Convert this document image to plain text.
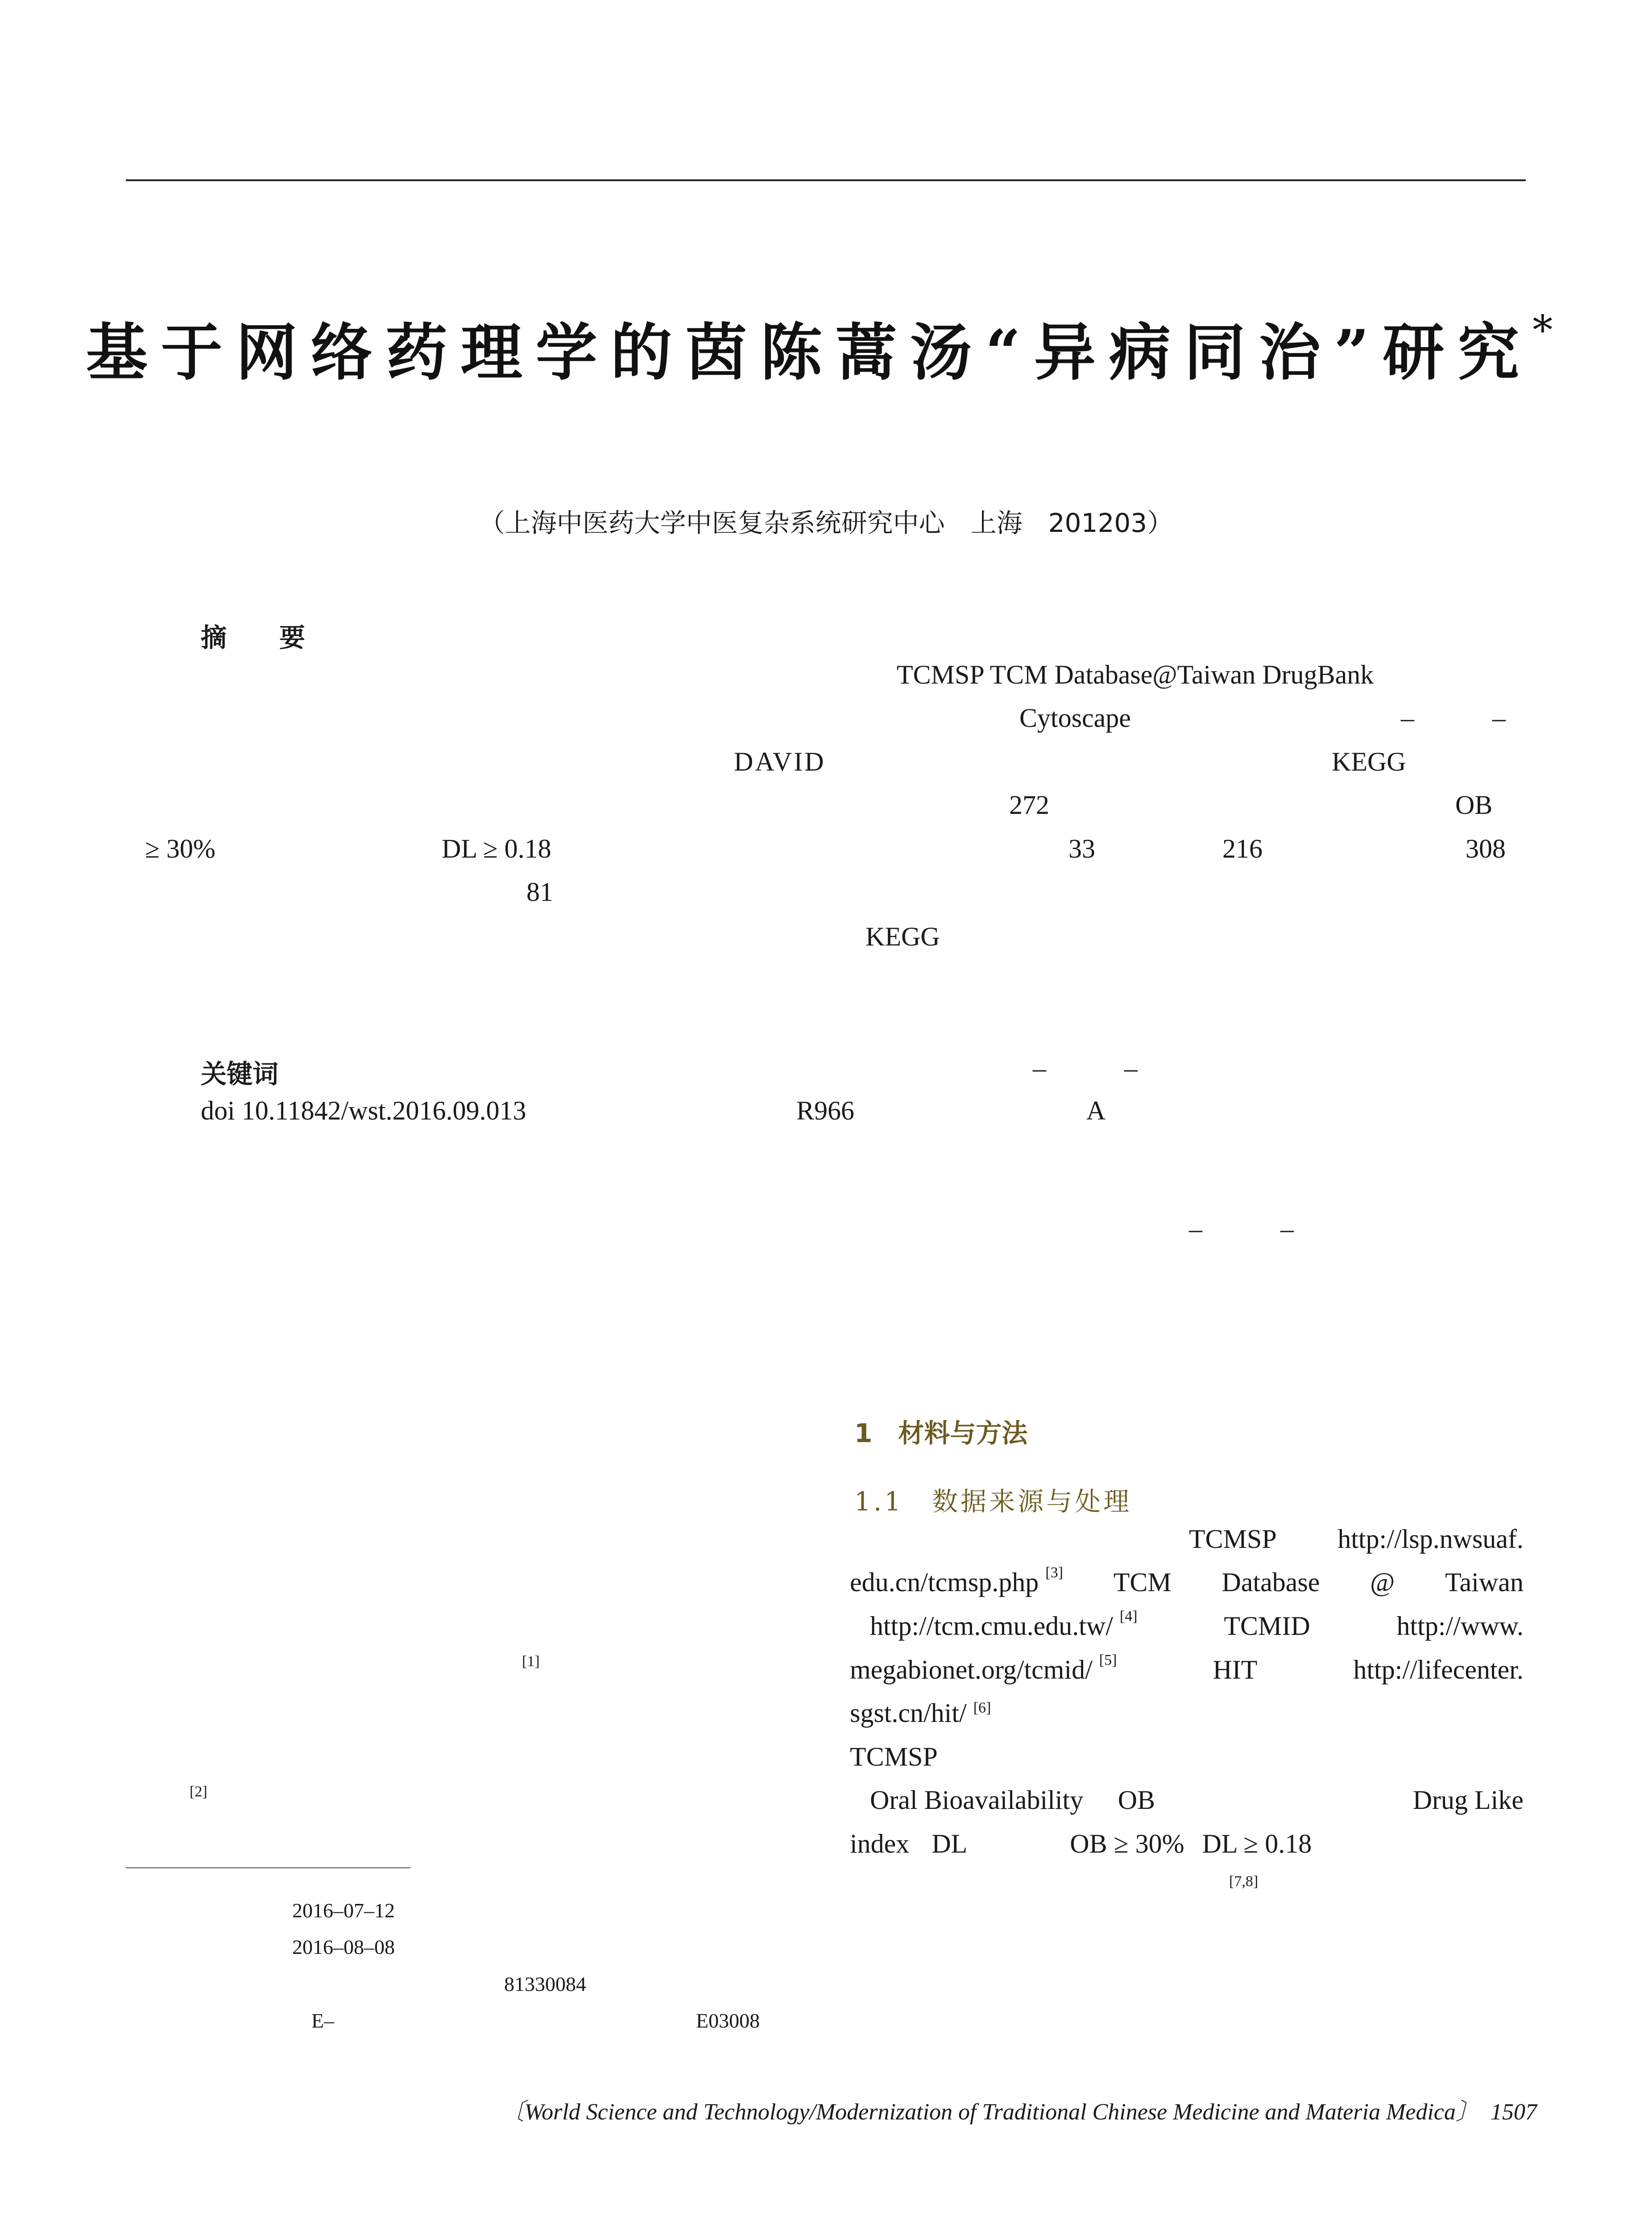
基于网络药理学的茵陈蒿汤“异病同治”研究*
（上海中医药大学中医复杂系统研究中心　上海　201203）
摘　要
TCMSP TCM Database@Taiwan DrugBank
Cytoscape	–	–
DAVID	KEGG
272	OB
≥ 30%	DL ≥ 0.18	33	216	308
81
KEGG
关键词	–	–
doi 10.11842/wst.2016.09.013	R966	A
–	–
[1]
[2]
1　材料与方法
1.1　数据来源与处理
TCMSP http://lsp.nwsuaf.
edu.cn/tcmsp.php [3] TCM Database @ Taiwan
http://tcm.cmu.edu.tw/ [4]	TCMID	http://www.
megabionet.org/tcmid/ [5]	HIT	http://lifecenter.
sgst.cn/hit/ [6]
TCMSP
Oral Bioavailability OB	Drug Like
index DL	OB ≥ 30% DL ≥ 0.18
[7,8]
2016–07–12
2016–08–08
81330084
E–	E03008
〔World Science and Technology/Modernization of Traditional Chinese Medicine and Materia Medica〕 1507
